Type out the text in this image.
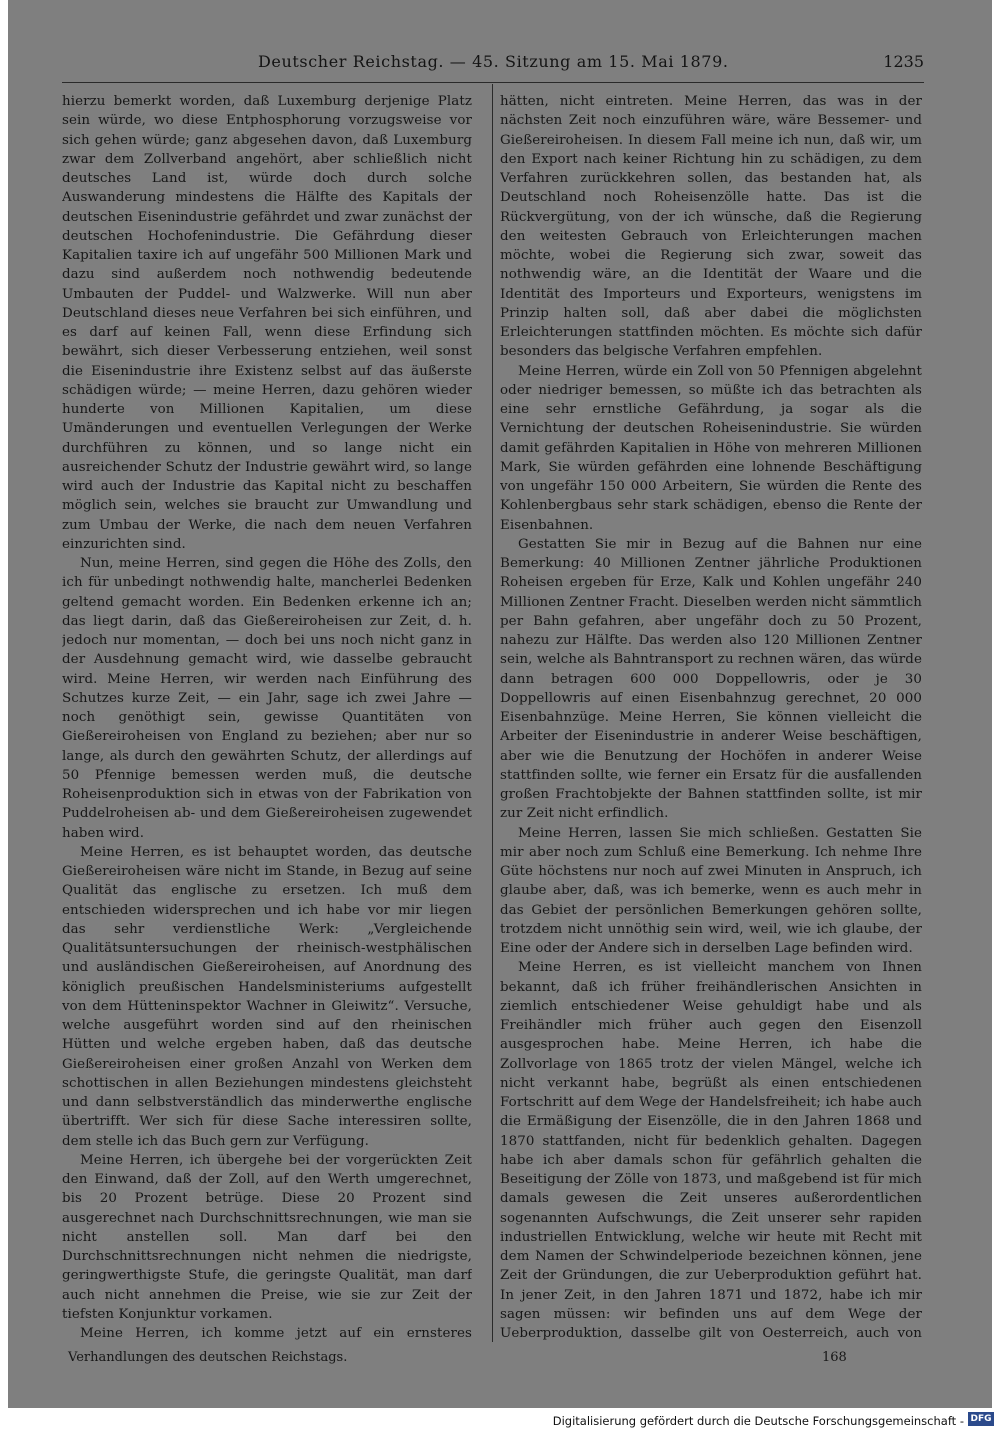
Deutscher Reichstag. — 45. Sitzung am 15. Mai 1879.	1235

hierzu bemerkt worden, daß Luxemburg derjenige Platz sein würde, wo diese Entphosphorung vorzugsweise vor sich gehen würde; ganz abgesehen davon, daß Luxemburg zwar dem Zollverband angehört, aber schließlich nicht deutsches Land ist, würde doch durch solche Auswanderung mindestens die Hälfte des Kapitals der deutschen Eisenindustrie gefährdet und zwar zunächst der deutschen Hochofenindustrie. Die Gefährdung dieser Kapitalien taxire ich auf ungefähr 500 Millionen Mark und dazu sind außerdem noch nothwendig bedeutende Umbauten der Puddel- und Walzwerke. Will nun aber Deutschland dieses neue Verfahren bei sich einführen, und es darf auf keinen Fall, wenn diese Erfindung sich bewährt, sich dieser Verbesserung entziehen, weil sonst die Eisenindustrie ihre Existenz selbst auf das äußerste schädigen würde; — meine Herren, dazu gehören wieder hunderte von Millionen Kapitalien, um diese Umänderungen und eventuellen Verlegungen der Werke durchführen zu können, und so lange nicht ein ausreichender Schutz der Industrie gewährt wird, so lange wird auch der Industrie das Kapital nicht zu beschaffen möglich sein, welches sie braucht zur Umwandlung und zum Umbau der Werke, die nach dem neuen Verfahren einzurichten sind.

Nun, meine Herren, sind gegen die Höhe des Zolls, den ich für unbedingt nothwendig halte, mancherlei Bedenken geltend gemacht worden. Ein Bedenken erkenne ich an; das liegt darin, daß das Gießereiroheisen zur Zeit, d. h. jedoch nur momentan, — doch bei uns noch nicht ganz in der Ausdehnung gemacht wird, wie dasselbe gebraucht wird. Meine Herren, wir werden nach Einführung des Schutzes kurze Zeit, — ein Jahr, sage ich zwei Jahre — noch genöthigt sein, gewisse Quantitäten von Gießereiroheisen von England zu beziehen; aber nur so lange, als durch den gewährten Schutz, der allerdings auf 50 Pfennige bemessen werden muß, die deutsche Roheisenproduktion sich in etwas von der Fabrikation von Puddelroheisen ab- und dem Gießereiroheisen zugewendet haben wird.

Meine Herren, es ist behauptet worden, das deutsche Gießereiroheisen wäre nicht im Stande, in Bezug auf seine Qualität das englische zu ersetzen. Ich muß dem entschieden widersprechen und ich habe vor mir liegen das sehr verdienstliche Werk: „Vergleichende Qualitätsuntersuchungen der rheinisch-westphälischen und ausländischen Gießereiroheisen, auf Anordnung des königlich preußischen Handelsministeriums aufgestellt von dem Hütteninspektor Wachner in Gleiwitz“. Versuche, welche ausgeführt worden sind auf den rheinischen Hütten und welche ergeben haben, daß das deutsche Gießereiroheisen einer großen Anzahl von Werken dem schottischen in allen Beziehungen mindestens gleichsteht und dann selbstverständlich das minderwerthe englische übertrifft. Wer sich für diese Sache interessiren sollte, dem stelle ich das Buch gern zur Verfügung.

Meine Herren, ich übergehe bei der vorgerückten Zeit den Einwand, daß der Zoll, auf den Werth umgerechnet, bis 20 Prozent betrüge. Diese 20 Prozent sind ausgerechnet nach Durchschnittsrechnungen, wie man sie nicht anstellen soll. Man darf bei den Durchschnittsrechnungen nicht nehmen die niedrigste, geringwerthigste Stufe, die geringste Qualität, man darf auch nicht annehmen die Preise, wie sie zur Zeit der tiefsten Konjunktur vorkamen.

Meine Herren, ich komme jetzt auf ein ernsteres

hätten, nicht eintreten. Meine Herren, das was in der nächsten Zeit noch einzuführen wäre, wäre Bessemer- und Gießereiroheisen. In diesem Fall meine ich nun, daß wir, um den Export nach keiner Richtung hin zu schädigen, zu dem Verfahren zurückkehren sollen, das bestanden hat, als Deutschland noch Roheisenzölle hatte. Das ist die Rückvergütung, von der ich wünsche, daß die Regierung den weitesten Gebrauch von Erleichterungen machen möchte, wobei die Regierung sich zwar, soweit das nothwendig wäre, an die Identität der Waare und die Identität des Importeurs und Exporteurs, wenigstens im Prinzip halten soll, daß aber dabei die möglichsten Erleichterungen stattfinden möchten. Es möchte sich dafür besonders das belgische Verfahren empfehlen.

Meine Herren, würde ein Zoll von 50 Pfennigen abgelehnt oder niedriger bemessen, so müßte ich das betrachten als eine sehr ernstliche Gefährdung, ja sogar als die Vernichtung der deutschen Roheisenindustrie. Sie würden damit gefährden Kapitalien in Höhe von mehreren Millionen Mark, Sie würden gefährden eine lohnende Beschäftigung von ungefähr 150 000 Arbeitern, Sie würden die Rente des Kohlenbergbaus sehr stark schädigen, ebenso die Rente der Eisenbahnen.

Gestatten Sie mir in Bezug auf die Bahnen nur eine Bemerkung: 40 Millionen Zentner jährliche Produktionen Roheisen ergeben für Erze, Kalk und Kohlen ungefähr 240 Millionen Zentner Fracht. Dieselben werden nicht sämmtlich per Bahn gefahren, aber ungefähr doch zu 50 Prozent, nahezu zur Hälfte. Das werden also 120 Millionen Zentner sein, welche als Bahntransport zu rechnen wären, das würde dann betragen 600 000 Doppellowris, oder je 30 Doppellowris auf einen Eisenbahnzug gerechnet, 20 000 Eisenbahnzüge. Meine Herren, Sie können vielleicht die Arbeiter der Eisenindustrie in anderer Weise beschäftigen, aber wie die Benutzung der Hochöfen in anderer Weise stattfinden sollte, wie ferner ein Ersatz für die ausfallenden großen Frachtobjekte der Bahnen stattfinden sollte, ist mir zur Zeit nicht erfindlich.

Meine Herren, lassen Sie mich schließen. Gestatten Sie mir aber noch zum Schluß eine Bemerkung. Ich nehme Ihre Güte höchstens nur noch auf zwei Minuten in Anspruch, ich glaube aber, daß, was ich bemerke, wenn es auch mehr in das Gebiet der persönlichen Bemerkungen gehören sollte, trotzdem nicht unnöthig sein wird, weil, wie ich glaube, der Eine oder der Andere sich in derselben Lage befinden wird.

Meine Herren, es ist vielleicht manchem von Ihnen bekannt, daß ich früher freihändlerischen Ansichten in ziemlich entschiedener Weise gehuldigt habe und als Freihändler mich früher auch gegen den Eisenzoll ausgesprochen habe. Meine Herren, ich habe die Zollvorlage von 1865 trotz der vielen Mängel, welche ich nicht verkannt habe, begrüßt als einen entschiedenen Fortschritt auf dem Wege der Handelsfreiheit; ich habe auch die Ermäßigung der Eisenzölle, die in den Jahren 1868 und 1870 stattfanden, nicht für bedenklich gehalten. Dagegen habe ich aber damals schon für gefährlich gehalten die Beseitigung der Zölle von 1873, und maßgebend ist für mich damals gewesen die Zeit unseres außerordentlichen sogenannten Aufschwungs, die Zeit unserer sehr rapiden industriellen Entwicklung, welche wir heute mit Recht mit dem Namen der Schwindelperiode bezeichnen können, jene Zeit der Gründungen, die zur Ueberproduktion geführt hat. In jener Zeit, in den Jahren 1871 und 1872, habe ich mir sagen müssen: wir befinden uns auf dem Wege der Ueberproduktion, dasselbe gilt von Oesterreich, auch von

Verhandlungen des deutschen Reichstags.	168
Digitalisierung gefördert durch die Deutsche Forschungsgemeinschaft - DFG
